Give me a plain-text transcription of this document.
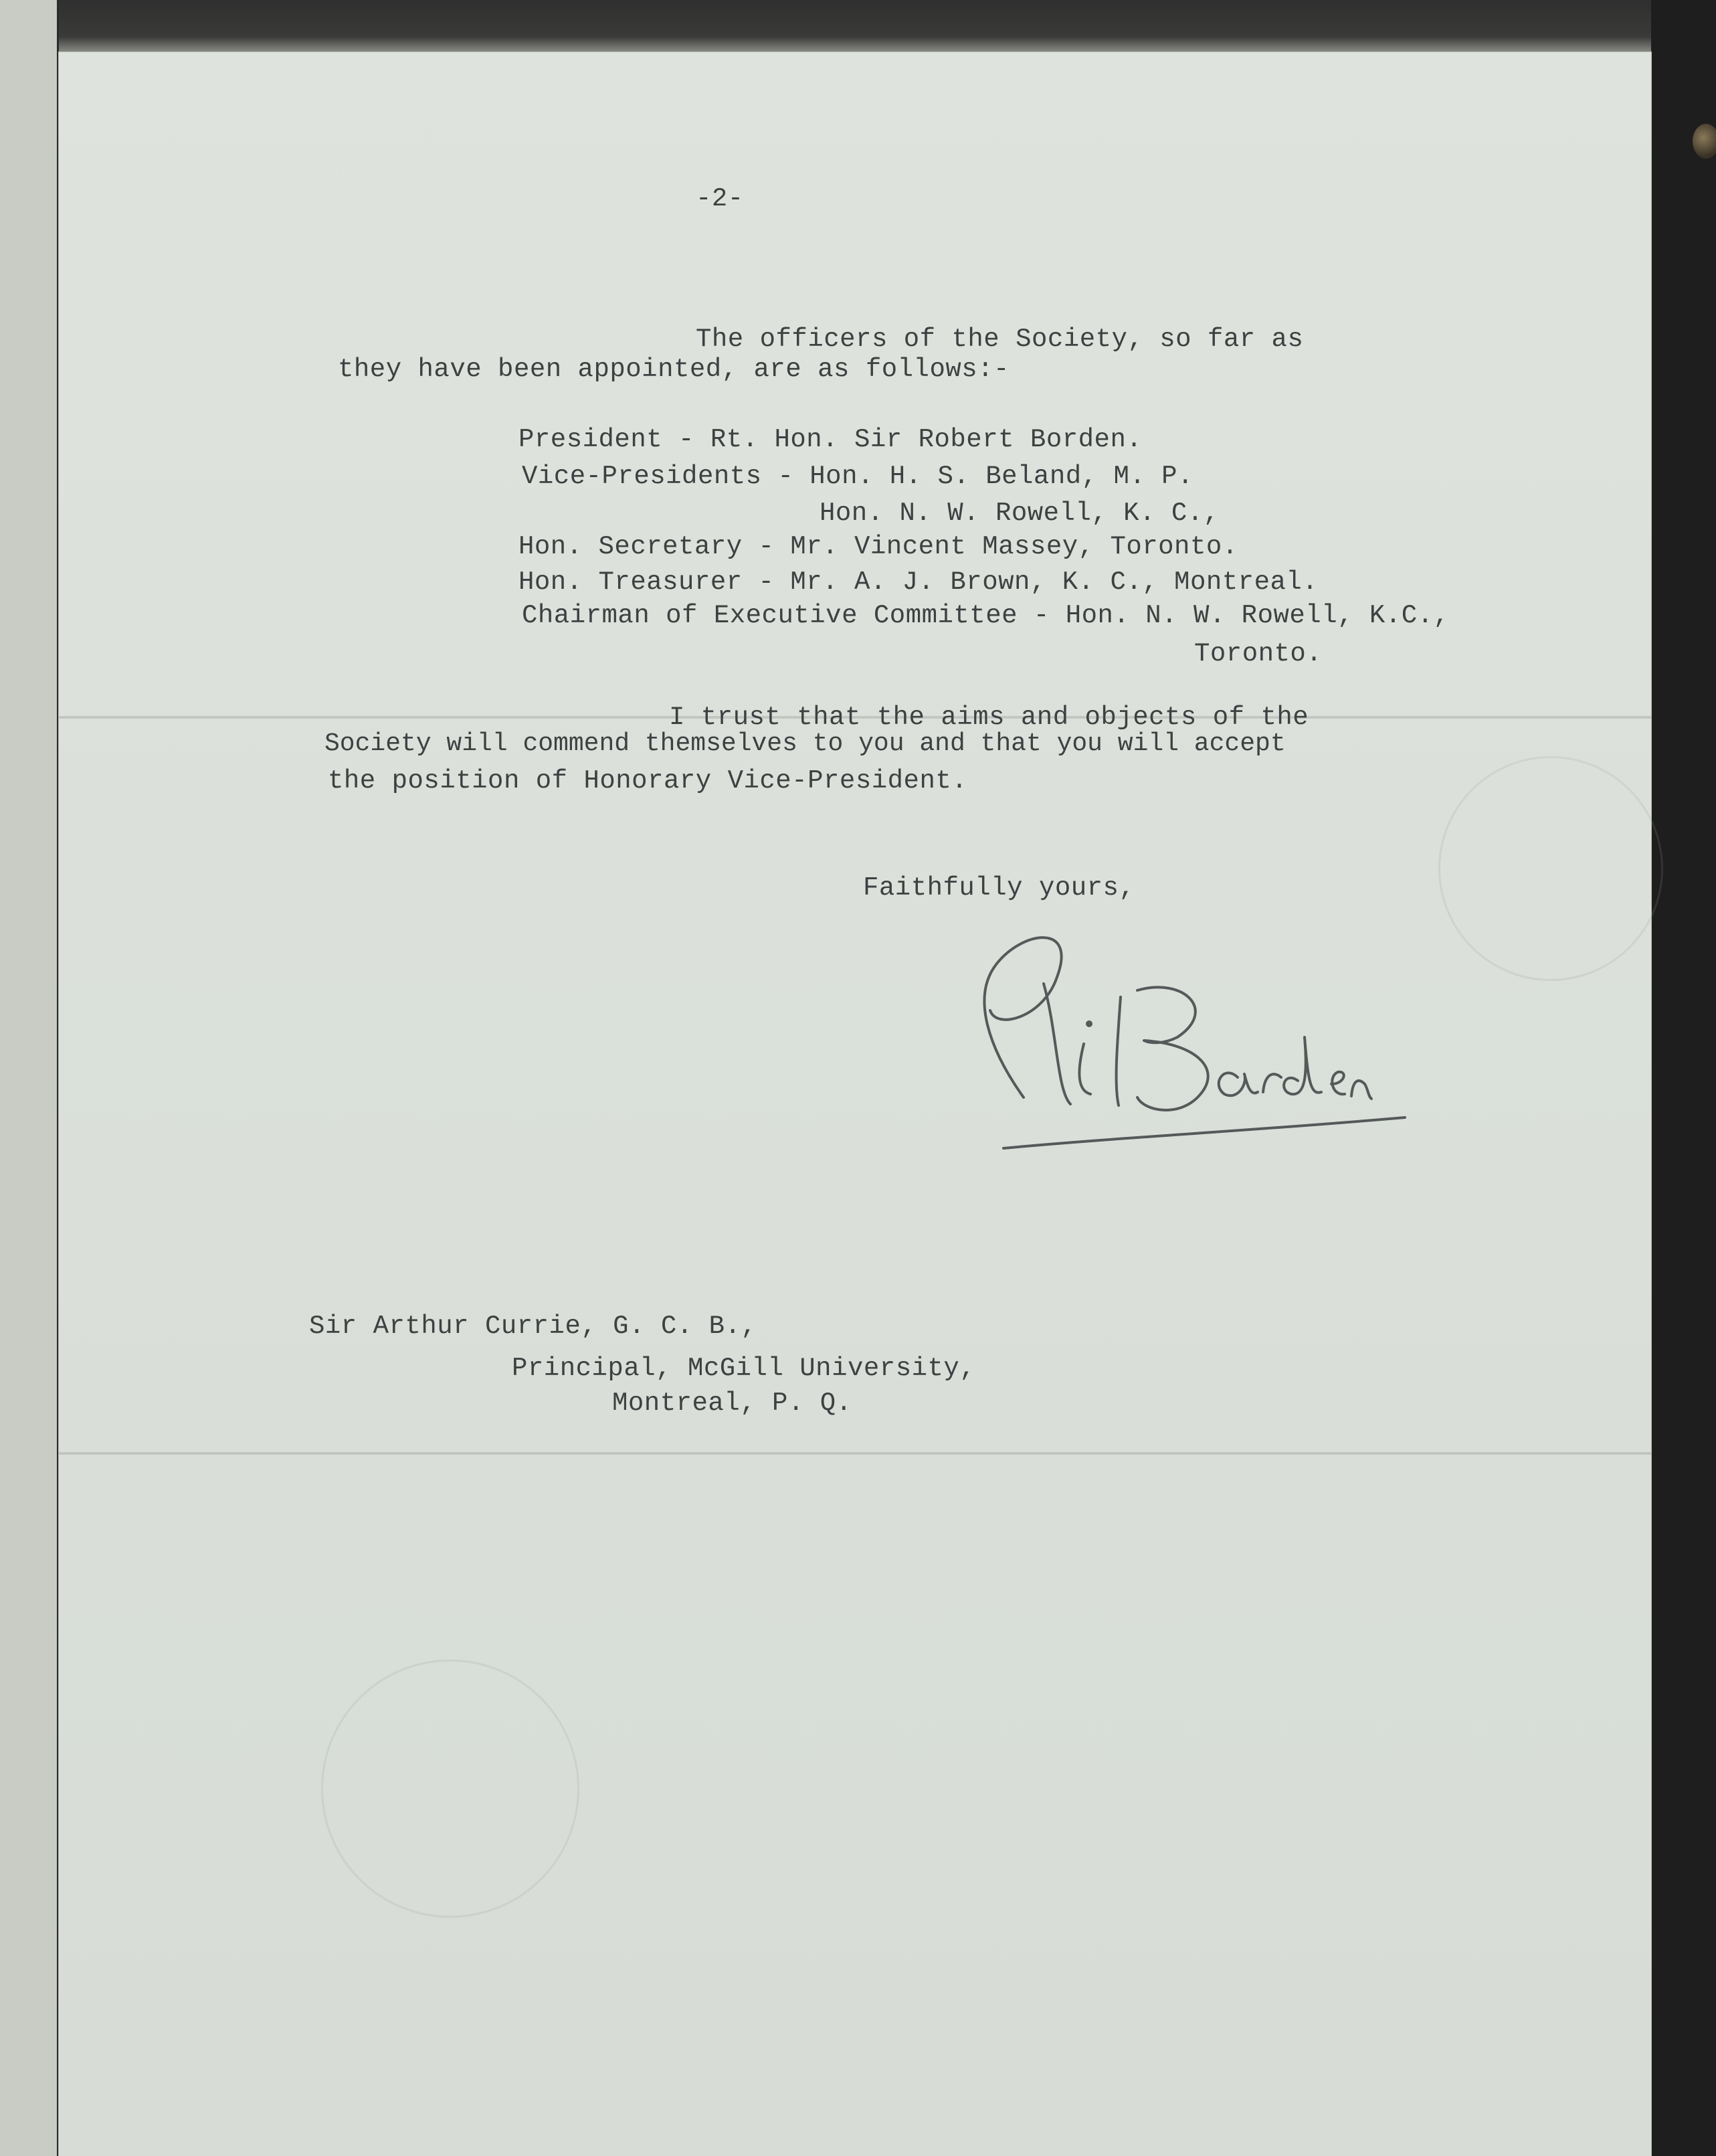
-2-
The officers of the Society, so far as
they have been appointed, are as follows:-
President - Rt. Hon. Sir Robert Borden.
Vice-Presidents - Hon. H. S. Beland, M. P.
Hon. N. W. Rowell, K. C.,
Hon. Secretary - Mr. Vincent Massey, Toronto.
Hon. Treasurer - Mr. A. J. Brown, K. C., Montreal.
Chairman of Executive Committee - Hon. N. W. Rowell, K.C.,
Toronto.
I trust that the aims and objects of the
Society will commend themselves to you and that you will accept
the position of Honorary Vice-President.
Faithfully yours,
Sir Arthur Currie, G. C. B.,
Principal, McGill University,
Montreal, P. Q.
